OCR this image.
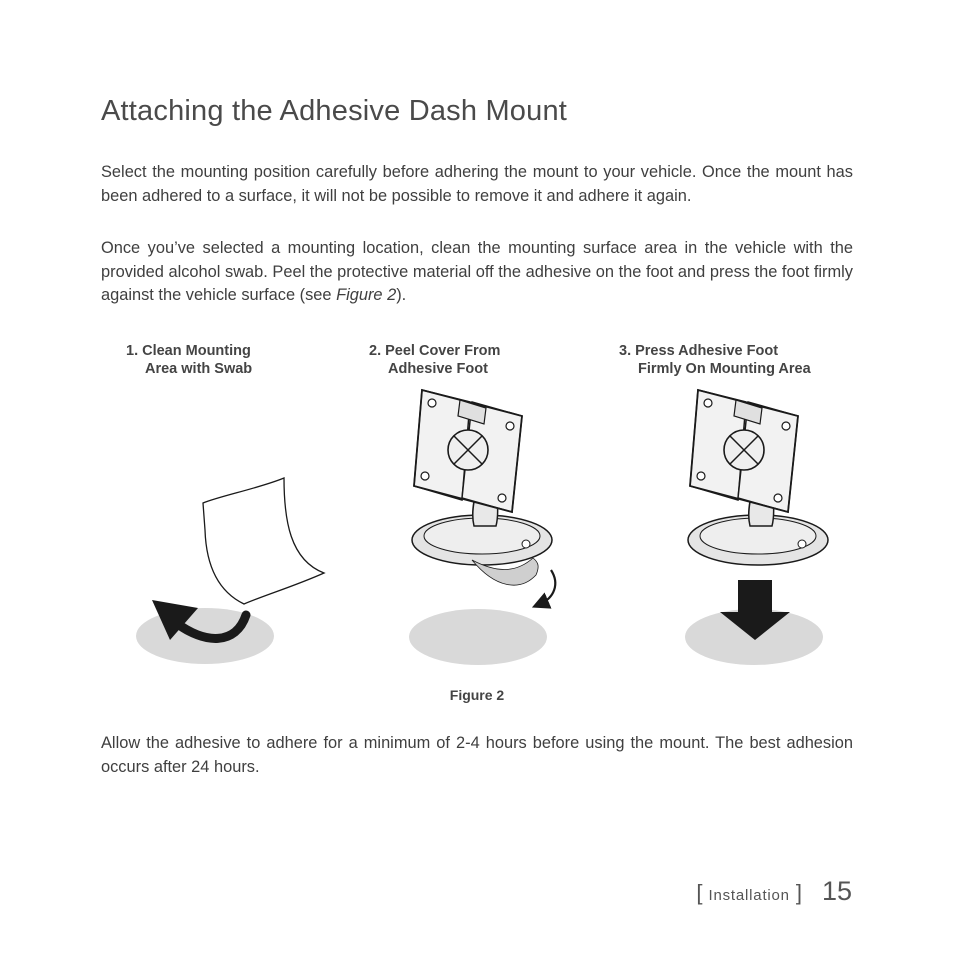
Attaching the Adhesive Dash Mount

Select the mounting position carefully before adhering the mount to your vehicle. Once the mount has been adhered to a surface, it will not be possible to remove it and adhere it again.

Once you’ve selected a mounting location, clean the mounting surface area in the vehicle with the provided alcohol swab. Peel the protective material off the adhesive on the foot and press the foot firmly against the vehicle surface (see Figure 2).

1. Clean Mounting
Area with Swab
2. Peel Cover From
Adhesive Foot
3. Press Adhesive Foot
Firmly On Mounting Area
Figure 2

Allow the adhesive to adhere for a minimum of 2-4 hours before using the mount. The best adhesion occurs after 24 hours.

[ Installation ] 15
